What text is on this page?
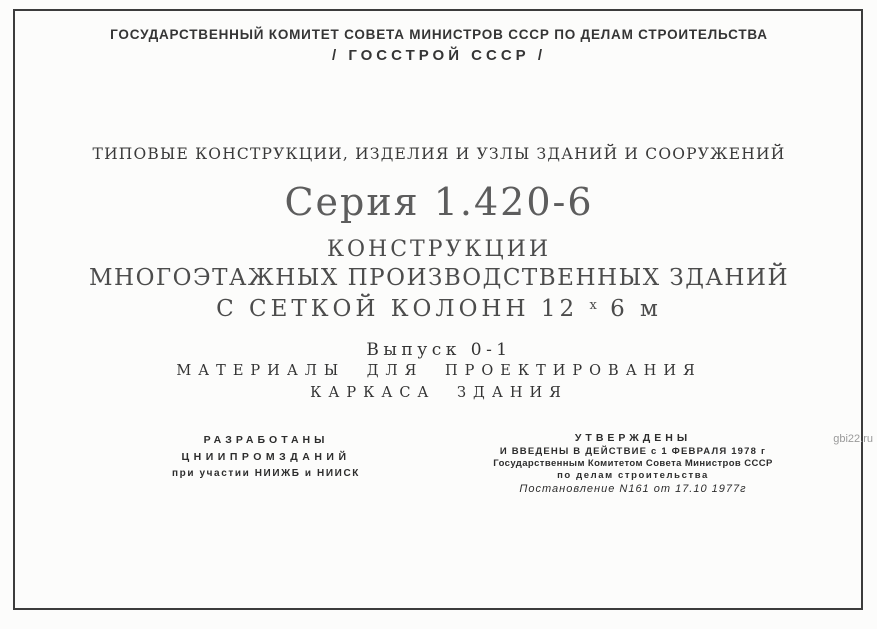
ГОСУДАРСТВЕННЫЙ КОМИТЕТ СОВЕТА МИНИСТРОВ СССР ПО ДЕЛАМ СТРОИТЕЛЬСТВА
/ ГОССТРОЙ СССР /
ТИПОВЫЕ КОНСТРУКЦИИ, ИЗДЕЛИЯ И УЗЛЫ ЗДАНИЙ И СООРУЖЕНИЙ
Серия 1.420-6
КОНСТРУКЦИИ
МНОГОЭТАЖНЫХ ПРОИЗВОДСТВЕННЫХ ЗДАНИЙ
С СЕТКОЙ КОЛОНН 12 $^х$ 6 м
Выпуск 0-1
МАТЕРИАЛЫ ДЛЯ ПРОЕКТИРОВАНИЯ
КАРКАСА ЗДАНИЯ
РАЗРАБОТАНЫ
ЦНИИПРОМЗДАНИЙ
при участии НИИЖБ и НИИСК
УТВЕРЖДЕНЫ
И ВВЕДЕНЫ В ДЕЙСТВИЕ с 1 ФЕВРАЛЯ 1978 г
Государственным Комитетом Совета Министров СССР
по делам строительства
Постановление N161 от 17.10 1977г
gbi22.ru
